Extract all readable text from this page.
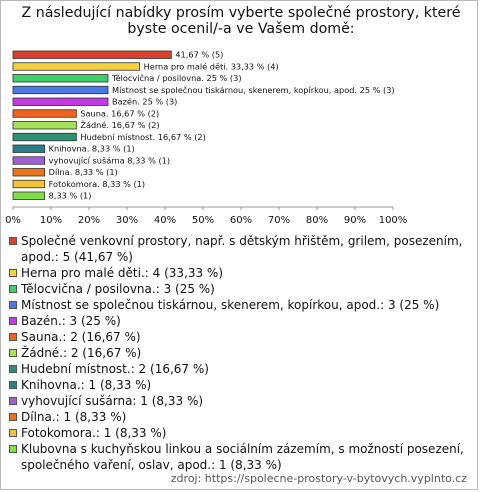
Z následující nabídky prosím vyberte společné prostory, které byste ocenil/-a ve Vašem domě:
41,67 % (5)
Herna pro malé děti. 33,33 % (4)
Tělocvična / posilovna. 25 % (3)
Místnost se společnou tiskárnou, skenerem, kopírkou, apod. 25 % (3)
Bazén. 25 % (3)
Sauna. 16,67 % (2)
Žádné. 16,67 % (2)
Hudební místnost. 16,67 % (2)
Knihovna. 8,33 % (1)
vyhovující sušárna 8,33 % (1)
Dílna. 8,33 % (1)
Fotokomora. 8,33 % (1)
8,33 % (1)
0% 10% 20% 30% 40% 50% 60% 70% 80% 90% 100%
Společné venkovní prostory, např. s dětským hřištěm, grilem, posezením, apod.: 5 (41,67 %)
Herna pro malé děti.: 4 (33,33 %)
Tělocvična / posilovna.: 3 (25 %)
Místnost se společnou tiskárnou, skenerem, kopírkou, apod.: 3 (25 %)
Bazén.: 3 (25 %)
Sauna.: 2 (16,67 %)
Žádné.: 2 (16,67 %)
Hudební místnost.: 2 (16,67 %)
Knihovna.: 1 (8,33 %)
vyhovující sušárna: 1 (8,33 %)
Dílna.: 1 (8,33 %)
Fotokomora.: 1 (8,33 %)
Klubovna s kuchyňskou linkou a sociálním zázemím, s možností posezení, společného vaření, oslav, apod.: 1 (8,33 %)
zdroj: https://spolecne-prostory-v-bytovych.vyplnto.cz
